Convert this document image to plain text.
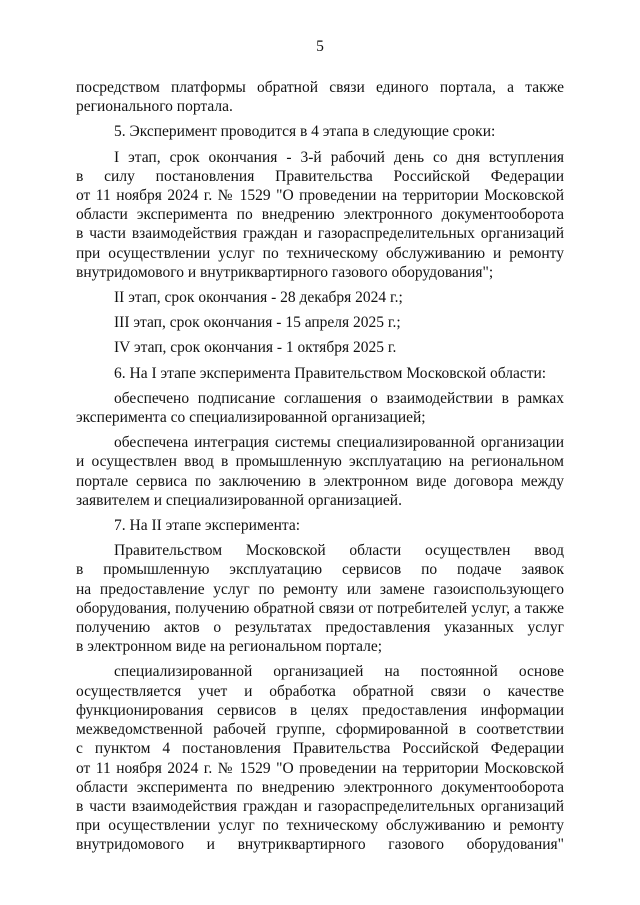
5
посредством платформы обратной связи единого портала, а также
регионального портала.
5. Эксперимент проводится в 4 этапа в следующие сроки:
I этап, срок окончания - 3-й рабочий день со дня вступления
в силу постановления Правительства Российской Федерации
от 11 ноября 2024 г. № 1529 "О проведении на территории Московской
области эксперимента по внедрению электронного документооборота
в части взаимодействия граждан и газораспределительных организаций
при осуществлении услуг по техническому обслуживанию и ремонту
внутридомового и внутриквартирного газового оборудования";
II этап, срок окончания - 28 декабря 2024 г.;
III этап, срок окончания - 15 апреля 2025 г.;
IV этап, срок окончания - 1 октября 2025 г.
6. На I этапе эксперимента Правительством Московской области:
обеспечено подписание соглашения о взаимодействии в рамках
эксперимента со специализированной организацией;
обеспечена интеграция системы специализированной организации
и осуществлен ввод в промышленную эксплуатацию на региональном
портале сервиса по заключению в электронном виде договора между
заявителем и специализированной организацией.
7. На II этапе эксперимента:
Правительством Московской области осуществлен ввод
в промышленную эксплуатацию сервисов по подаче заявок
на предоставление услуг по ремонту или замене газоиспользующего
оборудования, получению обратной связи от потребителей услуг, а также
получению актов о результатах предоставления указанных услуг
в электронном виде на региональном портале;
специализированной организацией на постоянной основе
осуществляется учет и обработка обратной связи о качестве
функционирования сервисов в целях предоставления информации
межведомственной рабочей группе, сформированной в соответствии
с пунктом 4 постановления Правительства Российской Федерации
от 11 ноября 2024 г. № 1529 "О проведении на территории Московской
области эксперимента по внедрению электронного документооборота
в части взаимодействия граждан и газораспределительных организаций
при осуществлении услуг по техническому обслуживанию и ремонту
внутридомового и внутриквартирного газового оборудования"
